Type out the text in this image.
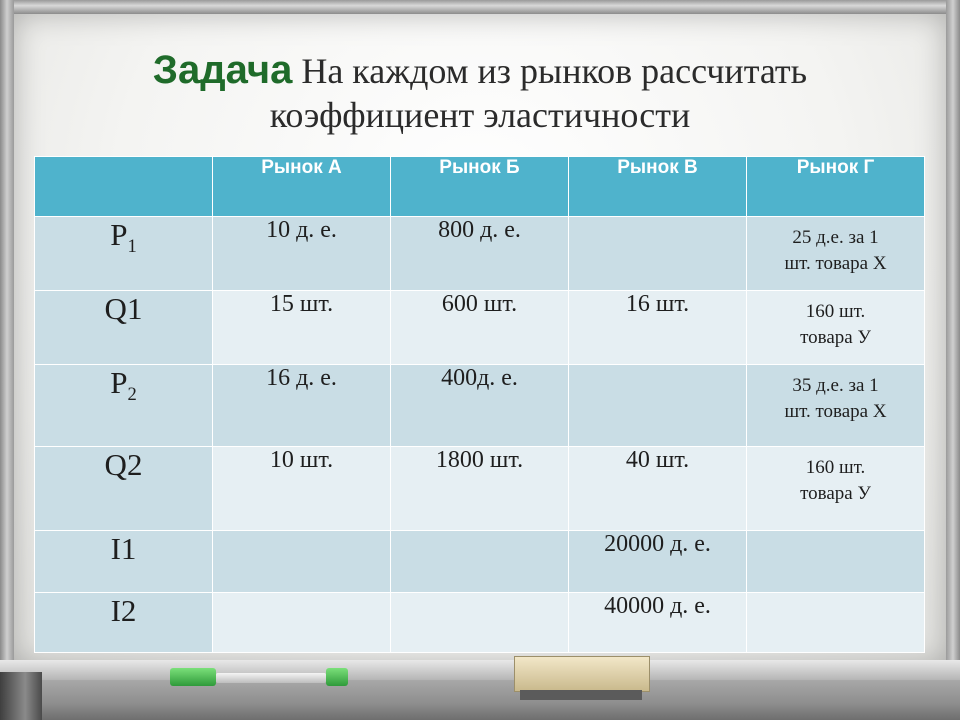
Задача На каждом из рынков рассчитать
коэффициент эластичности
	Рынок А	Рынок Б	Рынок В	Рынок Г
$P_1$	10 д. е.	800 д. е.		25 д.е. за 1
шт. товара Х
Q1	15 шт.	600 шт.	16 шт.	160 шт.
товара У
$P_2$	16 д. е.	400д. е.		35 д.е. за 1
шт. товара Х
Q2	10 шт.	1800 шт.	40 шт.	160 шт.
товара У
I1			20000 д. е.	
I2			40000 д. е.	
